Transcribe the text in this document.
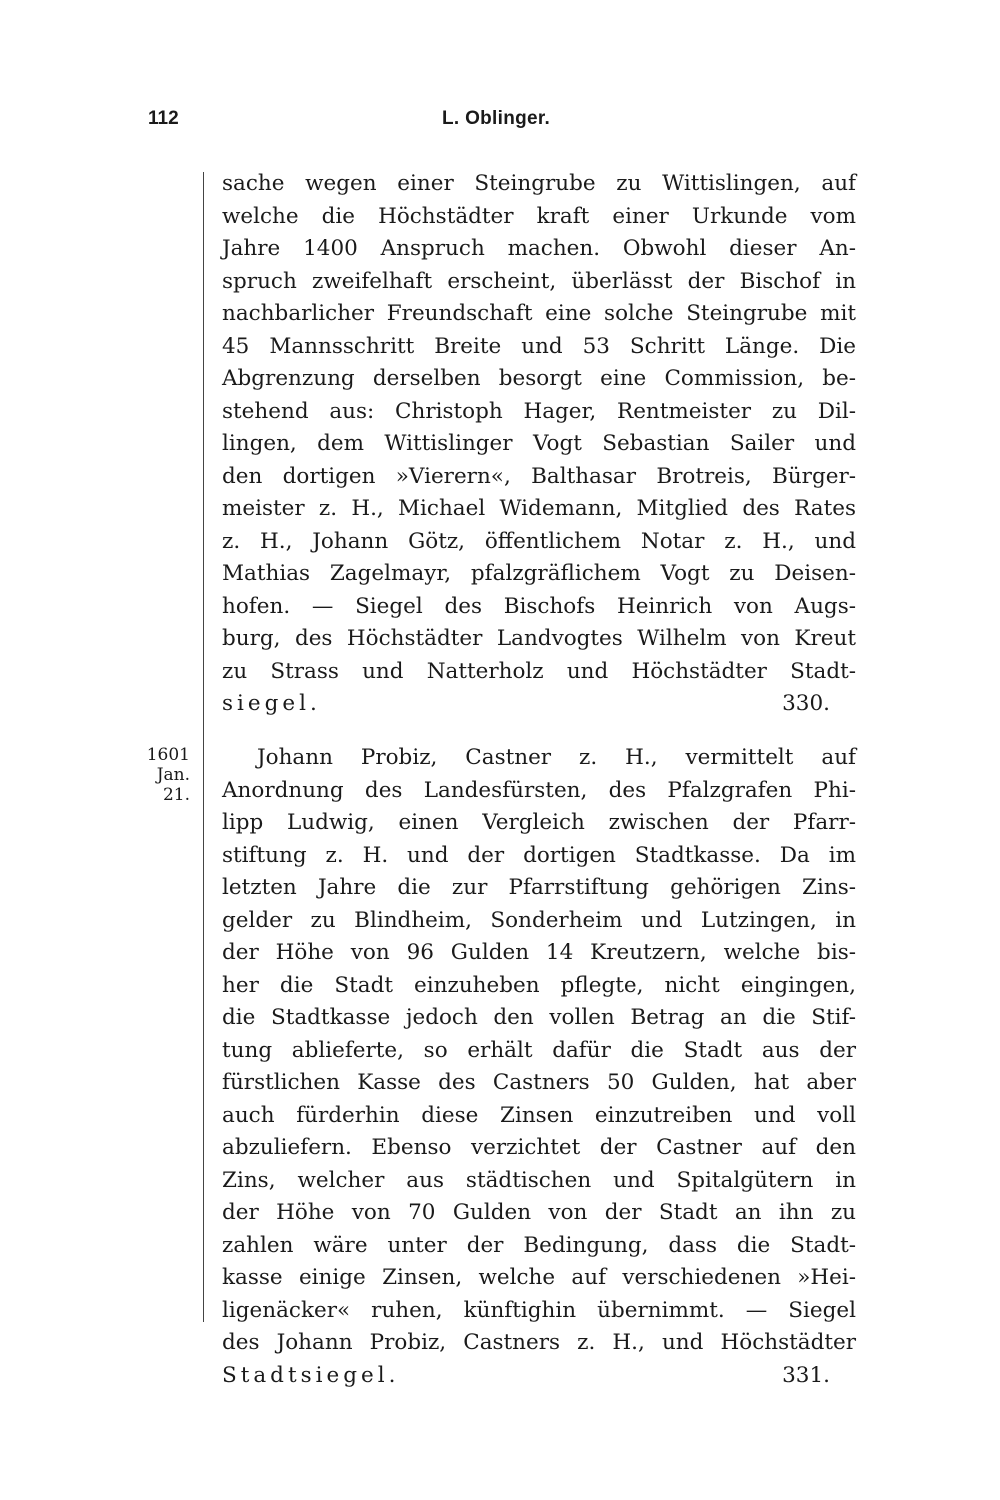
112	L. Oblinger.
sache wegen einer Steingrube zu Wittislingen, auf
welche die Höchstädter kraft einer Urkunde vom
Jahre 1400 Anspruch machen. Obwohl dieser An-
spruch zweifelhaft erscheint, überlässt der Bischof in
nachbarlicher Freundschaft eine solche Steingrube mit
45 Mannsschritt Breite und 53 Schritt Länge. Die
Abgrenzung derselben besorgt eine Commission, be-
stehend aus: Christoph Hager, Rentmeister zu Dil-
lingen, dem Wittislinger Vogt Sebastian Sailer und
den dortigen »Vierern«, Balthasar Brotreis, Bürger-
meister z. H., Michael Widemann, Mitglied des Rates
z. H., Johann Götz, öffentlichem Notar z. H., und
Mathias Zagelmayr, pfalzgräflichem Vogt zu Deisen-
hofen. — Siegel des Bischofs Heinrich von Augs-
burg, des Höchstädter Landvogtes Wilhelm von Kreut
zu Strass und Natterholz und Höchstädter Stadt-
siegel.	330.
1601
Jan.
21.
Johann Probiz, Castner z. H., vermittelt auf
Anordnung des Landesfürsten, des Pfalzgrafen Phi-
lipp Ludwig, einen Vergleich zwischen der Pfarr-
stiftung z. H. und der dortigen Stadtkasse. Da im
letzten Jahre die zur Pfarrstiftung gehörigen Zins-
gelder zu Blindheim, Sonderheim und Lutzingen, in
der Höhe von 96 Gulden 14 Kreutzern, welche bis-
her die Stadt einzuheben pflegte, nicht eingingen,
die Stadtkasse jedoch den vollen Betrag an die Stif-
tung ablieferte, so erhält dafür die Stadt aus der
fürstlichen Kasse des Castners 50 Gulden, hat aber
auch fürderhin diese Zinsen einzutreiben und voll
abzuliefern. Ebenso verzichtet der Castner auf den
Zins, welcher aus städtischen und Spitalgütern in
der Höhe von 70 Gulden von der Stadt an ihn zu
zahlen wäre unter der Bedingung, dass die Stadt-
kasse einige Zinsen, welche auf verschiedenen »Hei-
ligenäcker« ruhen, künftighin übernimmt. — Siegel
des Johann Probiz, Castners z. H., und Höchstädter
Stadtsiegel.	331.
